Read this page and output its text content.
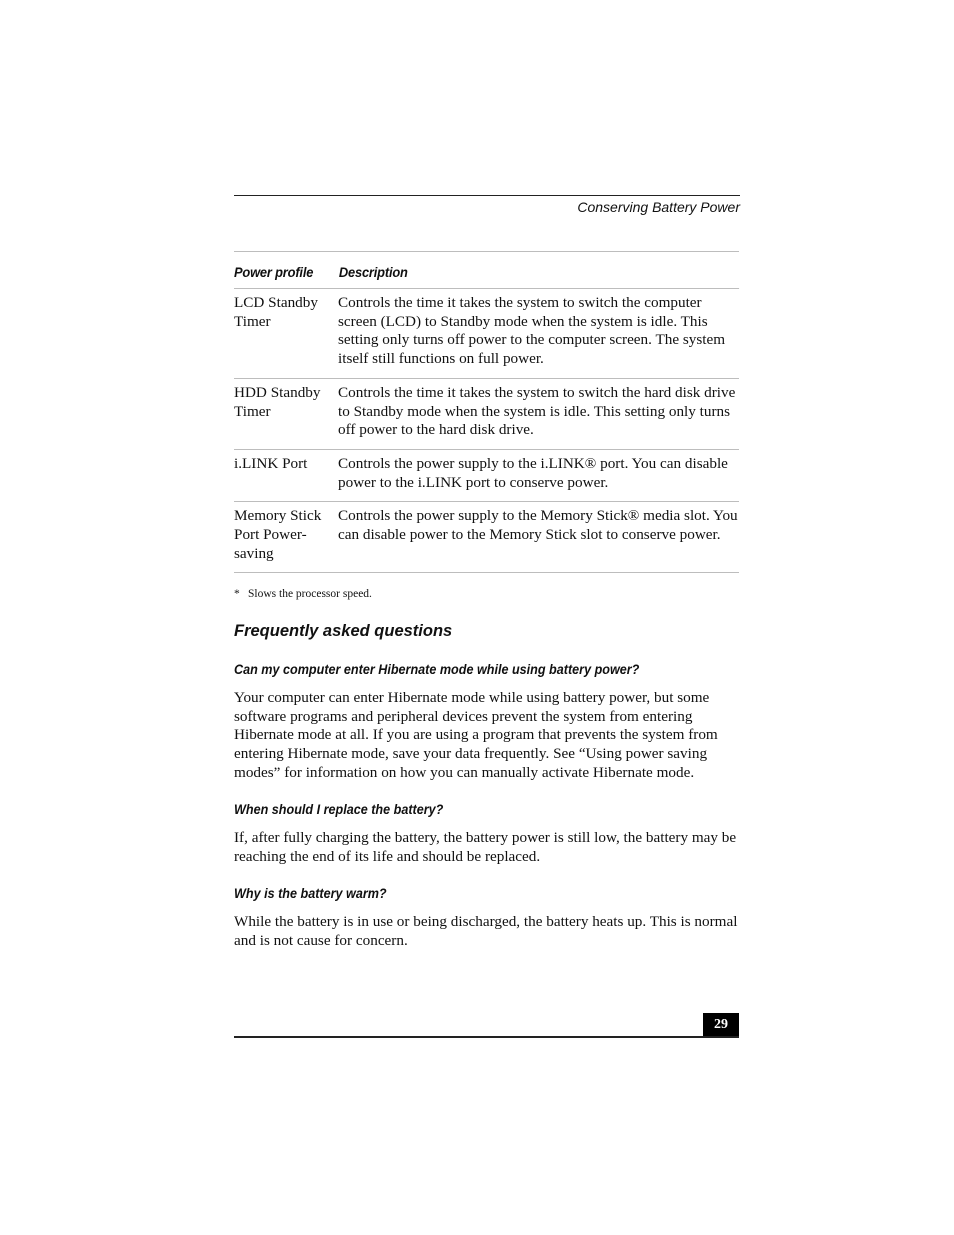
Conserving Battery Power
Power profile	Description
LCD Standby Timer
Controls the time it takes the system to switch the computer screen (LCD) to Standby mode when the system is idle. This setting only turns off power to the computer screen. The system itself still functions on full power.
HDD Standby Timer
Controls the time it takes the system to switch the hard disk drive to Standby mode when the system is idle. This setting only turns off power to the hard disk drive.
i.LINK Port	Controls the power supply to the i.LINK® port. You can disable power to the i.LINK port to conserve power.
Memory Stick Port Power-saving
Controls the power supply to the Memory Stick® media slot. You can disable power to the Memory Stick slot to conserve power.
* Slows the processor speed.
Frequently asked questions
Can my computer enter Hibernate mode while using battery power?
Your computer can enter Hibernate mode while using battery power, but some software programs and peripheral devices prevent the system from entering Hibernate mode at all. If you are using a program that prevents the system from entering Hibernate mode, save your data frequently. See “Using power saving modes” for information on how you can manually activate Hibernate mode.
When should I replace the battery?
If, after fully charging the battery, the battery power is still low, the battery may be reaching the end of its life and should be replaced.
Why is the battery warm?
While the battery is in use or being discharged, the battery heats up. This is normal and is not cause for concern.
29
